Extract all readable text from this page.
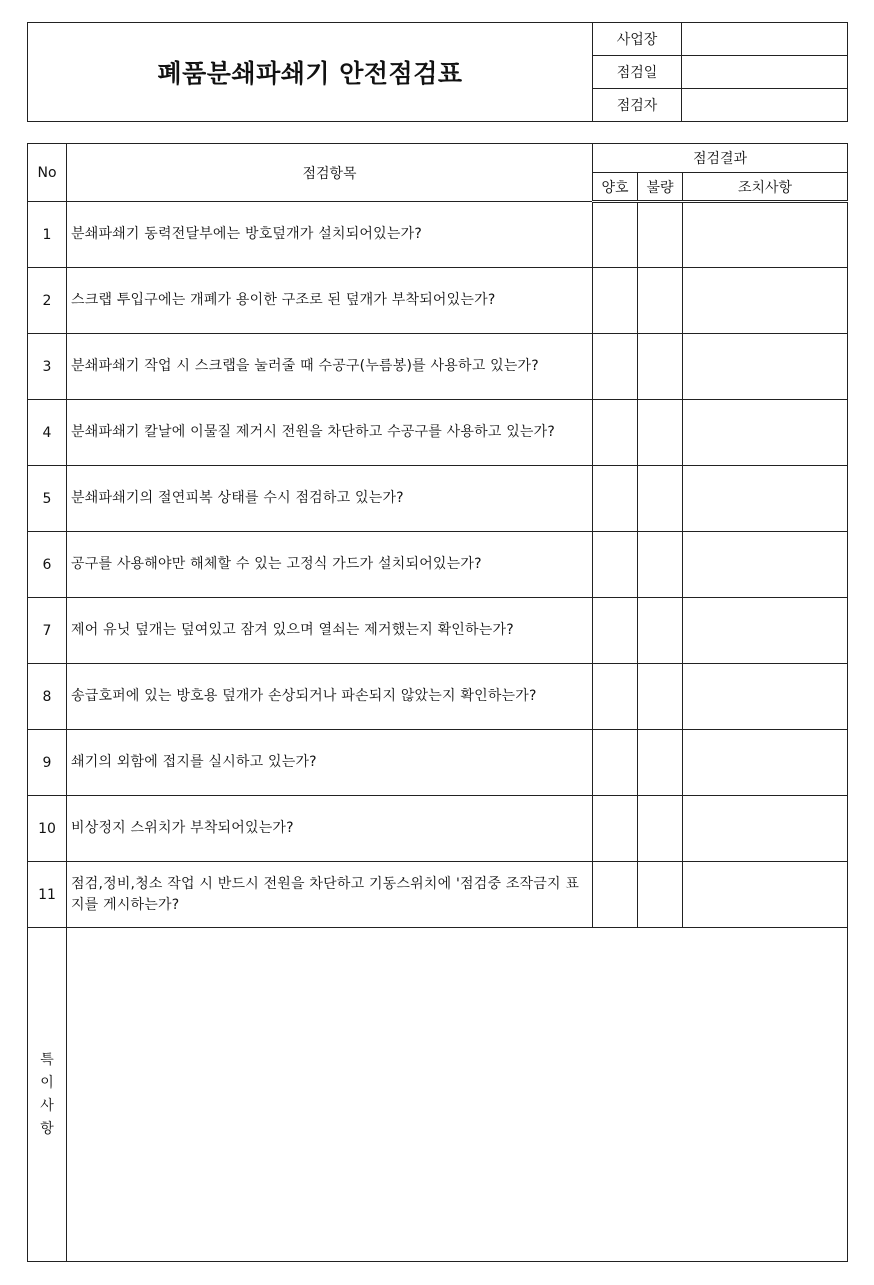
폐품분쇄파쇄기 안전점검표	사업장	
	점검일	
	점검자	
No	점검항목	점검결과		
		양호	불량	조치사항
1	분쇄파쇄기 동력전달부에는 방호덮개가 설치되어있는가?			
2	스크랩 투입구에는 개폐가 용이한 구조로 된 덮개가 부착되어있는가?			
3	분쇄파쇄기 작업 시 스크랩을 눌러줄 때 수공구(누름봉)를 사용하고 있는가?			
4	분쇄파쇄기 칼날에 이물질 제거시 전원을 차단하고 수공구를 사용하고 있는가?			
5	분쇄파쇄기의 절연피복 상태를 수시 점검하고 있는가?			
6	공구를 사용해야만 해체할 수 있는 고정식 가드가 설치되어있는가?			
7	제어 유닛 덮개는 덮여있고 잠겨 있으며 열쇠는 제거했는지 확인하는가?			
8	송급호퍼에 있는 방호용 덮개가 손상되거나 파손되지 않았는지 확인하는가?			
9	쇄기의 외함에 접지를 실시하고 있는가?			
10	비상정지 스위치가 부착되어있는가?			
11	점검,정비,청소 작업 시 반드시 전원을 차단하고 기동스위치에 '점검중 조작금지 표지를 게시하는가?			

특
이
사
항				
